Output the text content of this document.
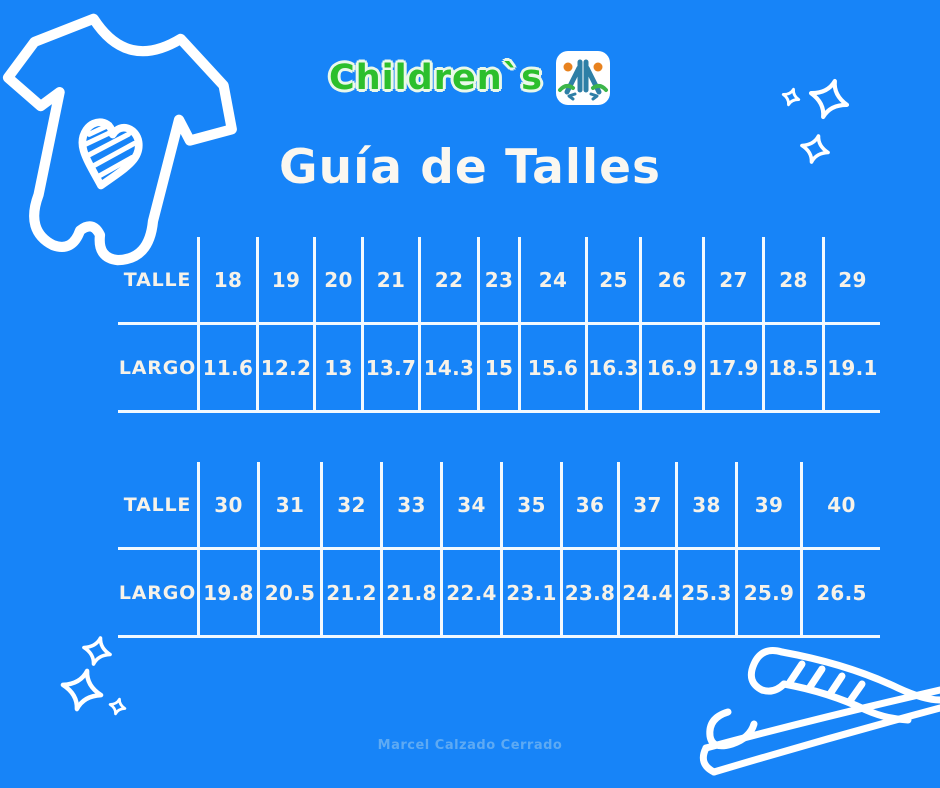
Children`s
Guía de Talles
TALLE	18	19	20	21	22	23	24	25	26	27	28	29
LARGO 11.6 12.2 13 13.7 14.3 15 15.6 16.3 16.9 17.9 18.5 19.1
TALLE	30	31	32	33	34	35	36	37	38	39	40
LARGO 19.8 20.5 21.2 21.8 22.4 23.1 23.8 24.4 25.3 25.9	26.5
Marcel Calzado Cerrado
